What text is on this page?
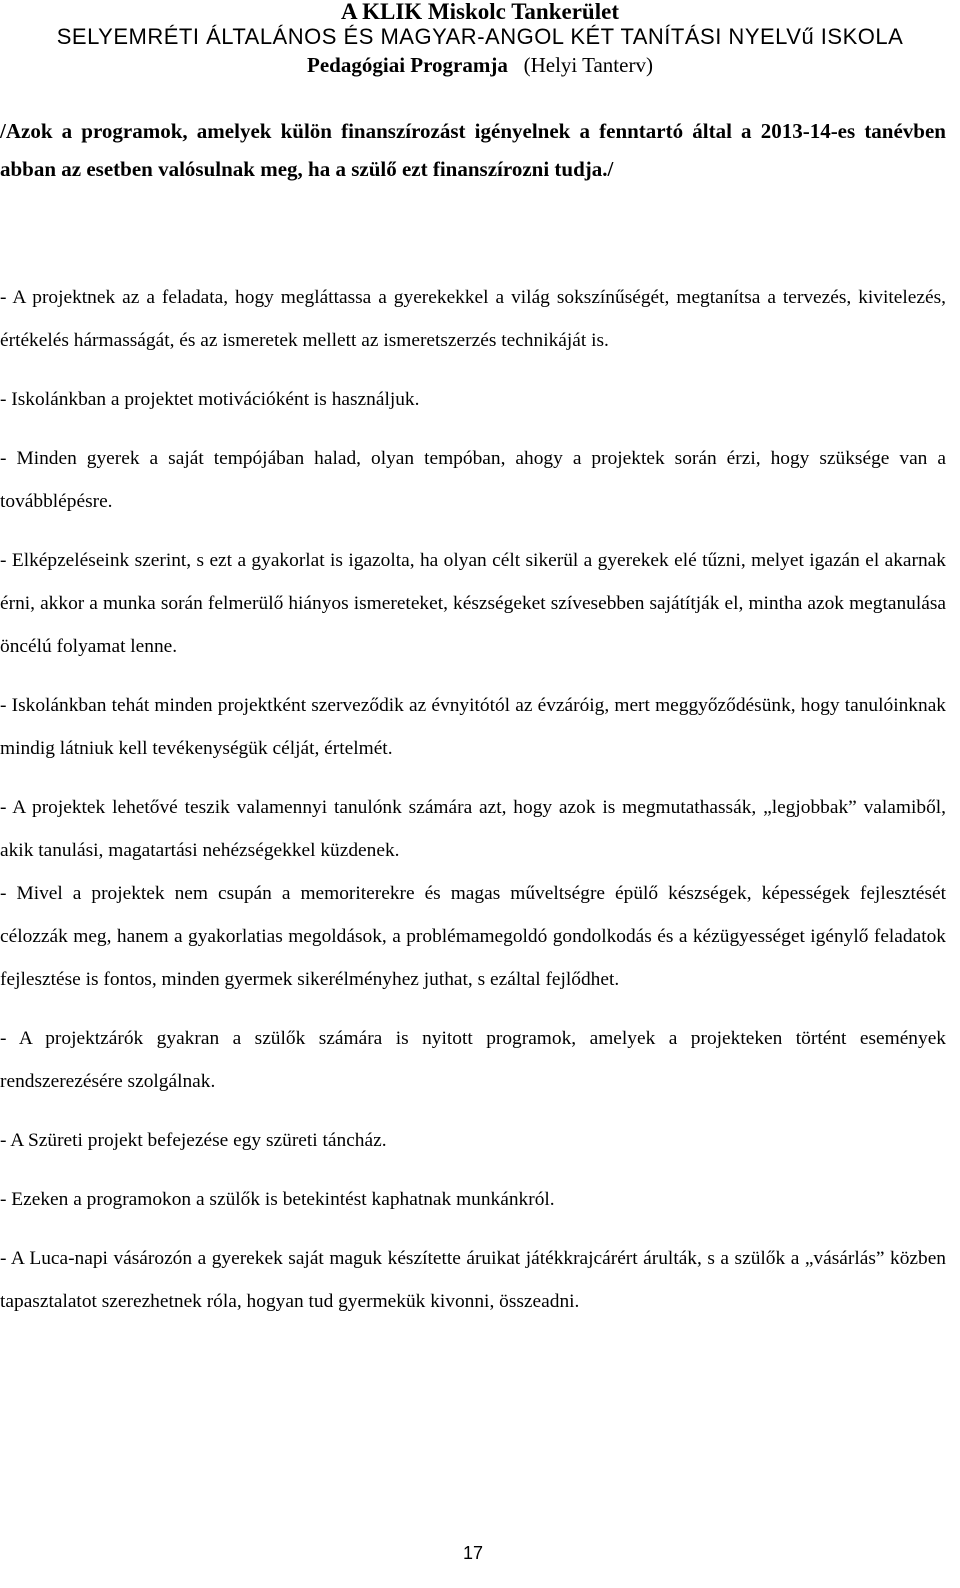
A KLIK Miskolc Tankerület
SELYEMRÉTI ÁLTALÁNOS ÉS MAGYAR-ANGOL KÉT TANÍTÁSI NYELVű ISKOLA
Pedagógiai Programja (Helyi Tanterv)
/Azok a programok, amelyek külön finanszírozást igényelnek a fenntartó által a 2013-14-es tanévben abban az esetben valósulnak meg, ha a szülő ezt finanszírozni tudja./

- A projektnek az a feladata, hogy megláttassa a gyerekekkel a világ sokszínűségét, megtanítsa a tervezés, kivitelezés, értékelés hármasságát, és az ismeretek mellett az ismeretszerzés technikáját is.

- Iskolánkban a projektet motivációként is használjuk.

- Minden gyerek a saját tempójában halad, olyan tempóban, ahogy a projektek során érzi, hogy szüksége van a továbblépésre.

- Elképzeléseink szerint, s ezt a gyakorlat is igazolta, ha olyan célt sikerül a gyerekek elé tűzni, melyet igazán el akarnak érni, akkor a munka során felmerülő hiányos ismereteket, készségeket szívesebben sajátítják el, mintha azok megtanulása öncélú folyamat lenne.

- Iskolánkban tehát minden projektként szerveződik az évnyitótól az évzáróig, mert meggyőződésünk, hogy tanulóinknak mindig látniuk kell tevékenységük célját, értelmét.

- A projektek lehetővé teszik valamennyi tanulónk számára azt, hogy azok is megmutathassák, „legjobbak” valamiből, akik tanulási, magatartási nehézségekkel küzdenek.

- Mivel a projektek nem csupán a memoriterekre és magas műveltségre épülő készségek, képességek fejlesztését célozzák meg, hanem a gyakorlatias megoldások, a problémamegoldó gondolkodás és a kézügyességet igénylő feladatok fejlesztése is fontos, minden gyermek sikerélményhez juthat, s ezáltal fejlődhet.

- A projektzárók gyakran a szülők számára is nyitott programok, amelyek a projekteken történt események rendszerezésére szolgálnak.

- A Szüreti projekt befejezése egy szüreti táncház.

- Ezeken a programokon a szülők is betekintést kaphatnak munkánkról.

- A Luca-napi vásározón a gyerekek saját maguk készítette áruikat játékkrajcárért árulták, s a szülők a „vásárlás” közben tapasztalatot szerezhetnek róla, hogyan tud gyermekük kivonni, összeadni.

17
